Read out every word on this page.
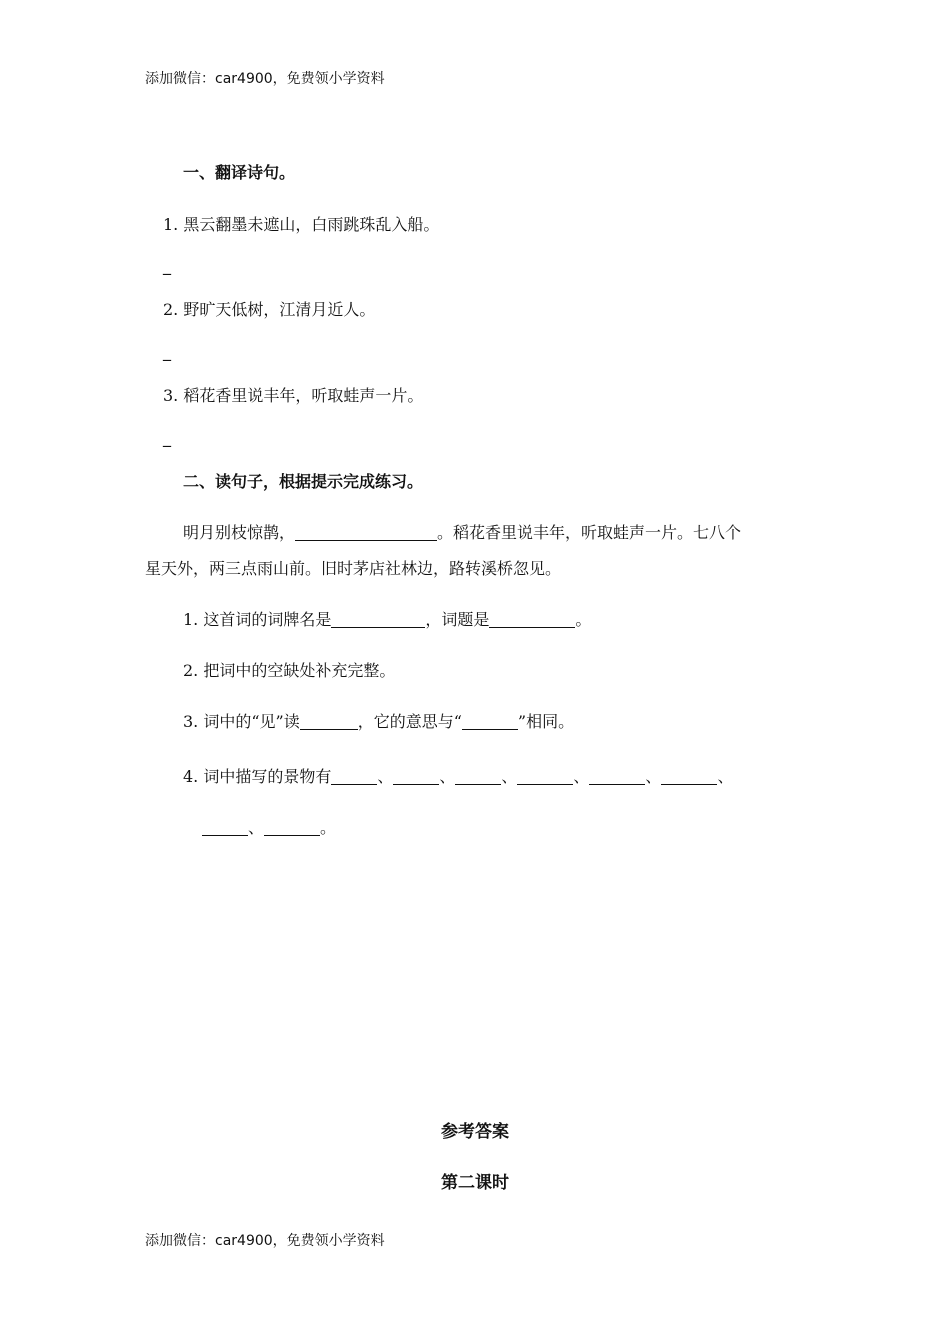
添加微信：car4900，免费领小学资料
一、翻译诗句。
1. 黑云翻墨未遮山，白雨跳珠乱入船。
_
2. 野旷天低树，江清月近人。
_
3. 稻花香里说丰年，听取蛙声一片。
_
二、读句子，根据提示完成练习。
明月别枝惊鹊，	。稻花香里说丰年，听取蛙声一片。七八个
星天外，两三点雨山前。旧时茅店社林边，路转溪桥忽见。
1. 这首词的词牌名是	，词题是	。
2. 把词中的空缺处补充完整。
3. 词中的“见”读	，它的意思与“	”相同。
4. 词中描写的景物有	、	、	、	、	、	、
、	。
参考答案
第二课时
添加微信：car4900，免费领小学资料
